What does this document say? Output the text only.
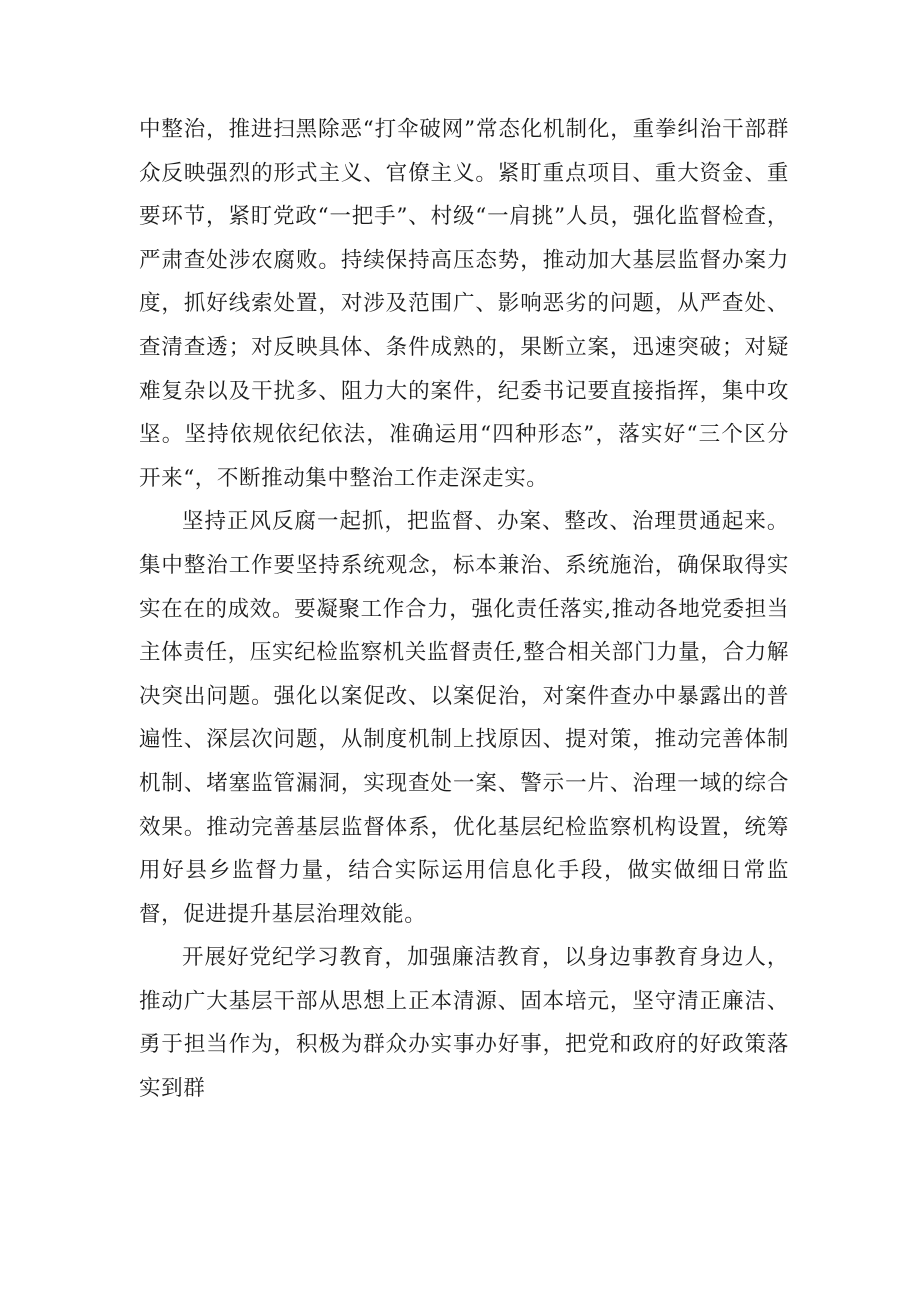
中整治，推进扫黑除恶“打伞破网”常态化机制化，重拳纠治干部群众反映强烈的形式主义、官僚主义。紧盯重点项目、重大资金、重要环节，紧盯党政“一把手”、村级“一肩挑”人员，强化监督检查，严肃查处涉农腐败。持续保持高压态势，推动加大基层监督办案力度，抓好线索处置，对涉及范围广、影响恶劣的问题，从严查处、查清查透；对反映具体、条件成熟的，果断立案，迅速突破；对疑难复杂以及干扰多、阻力大的案件，纪委书记要直接指挥，集中攻坚。坚持依规依纪依法，准确运用“四种形态”，落实好“三个区分开来“，不断推动集中整治工作走深走实。

坚持正风反腐一起抓，把监督、办案、整改、治理贯通起来。集中整治工作要坚持系统观念，标本兼治、系统施治，确保取得实实在在的成效。要凝聚工作合力，强化责任落实,推动各地党委担当主体责任，压实纪检监察机关监督责任,整合相关部门力量，合力解决突出问题。强化以案促改、以案促治，对案件查办中暴露出的普遍性、深层次问题，从制度机制上找原因、提对策，推动完善体制机制、堵塞监管漏洞，实现查处一案、警示一片、治理一域的综合效果。推动完善基层监督体系，优化基层纪检监察机构设置，统筹用好县乡监督力量，结合实际运用信息化手段，做实做细日常监督，促进提升基层治理效能。

开展好党纪学习教育，加强廉洁教育，以身边事教育身边人，推动广大基层干部从思想上正本清源、固本培元，坚守清正廉洁、勇于担当作为，积极为群众办实事办好事，把党和政府的好政策落实到群
